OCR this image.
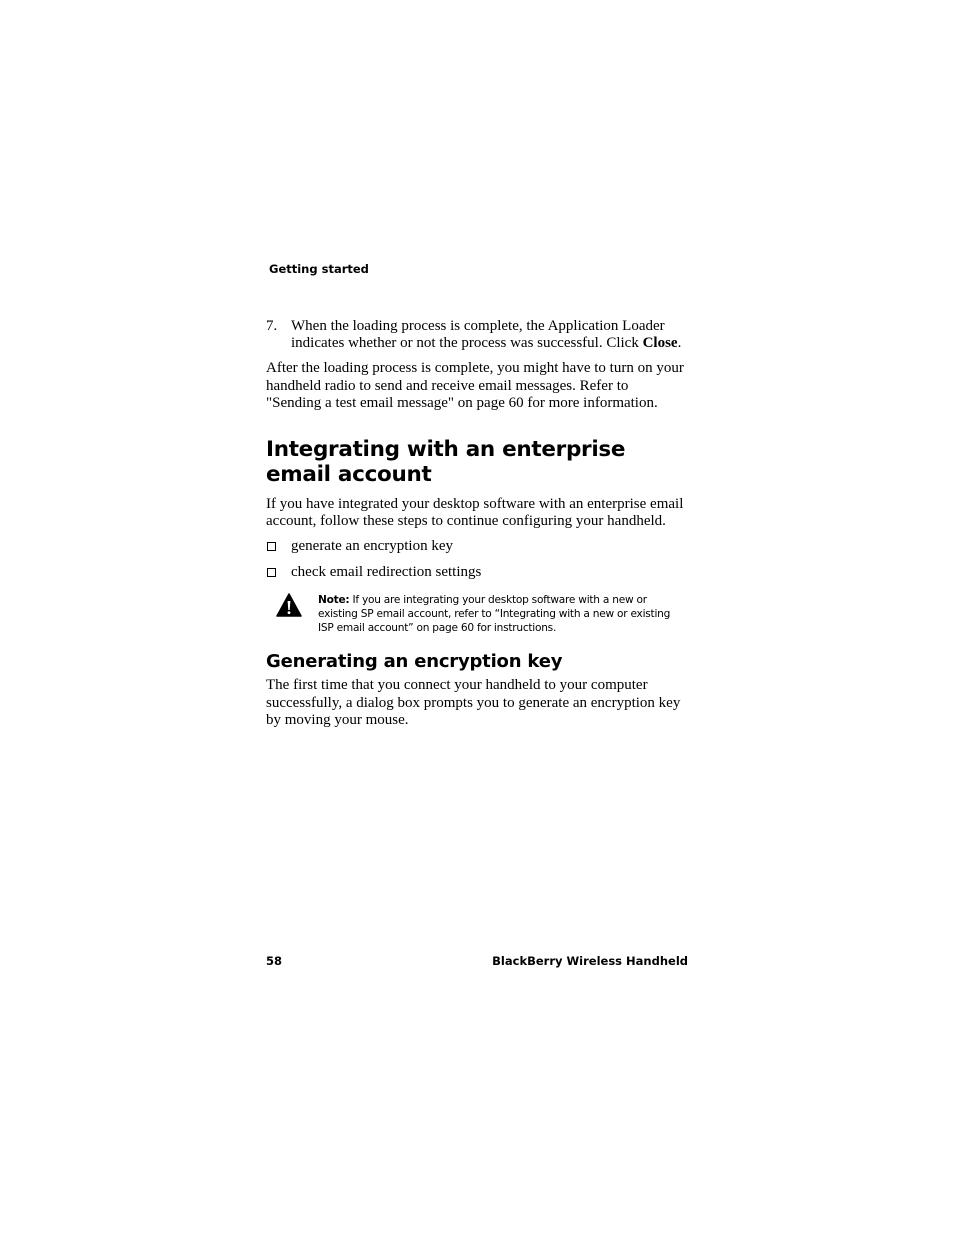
Getting started
7. When the loading process is complete, the Application Loader indicates whether or not the process was successful. Click Close.

After the loading process is complete, you might have to turn on your handheld radio to send and receive email messages. Refer to "Sending a test email message" on page 60 for more information.

Integrating with an enterprise email account

If you have integrated your desktop software with an enterprise email account, follow these steps to continue configuring your handheld.

generate an encryption key
check email redirection settings
Note: If you are integrating your desktop software with a new or existing SP email account, refer to “Integrating with a new or existing ISP email account” on page 60 for instructions.
Generating an encryption key

The first time that you connect your handheld to your computer successfully, a dialog box prompts you to generate an encryption key by moving your mouse.

58	BlackBerry Wireless Handheld
